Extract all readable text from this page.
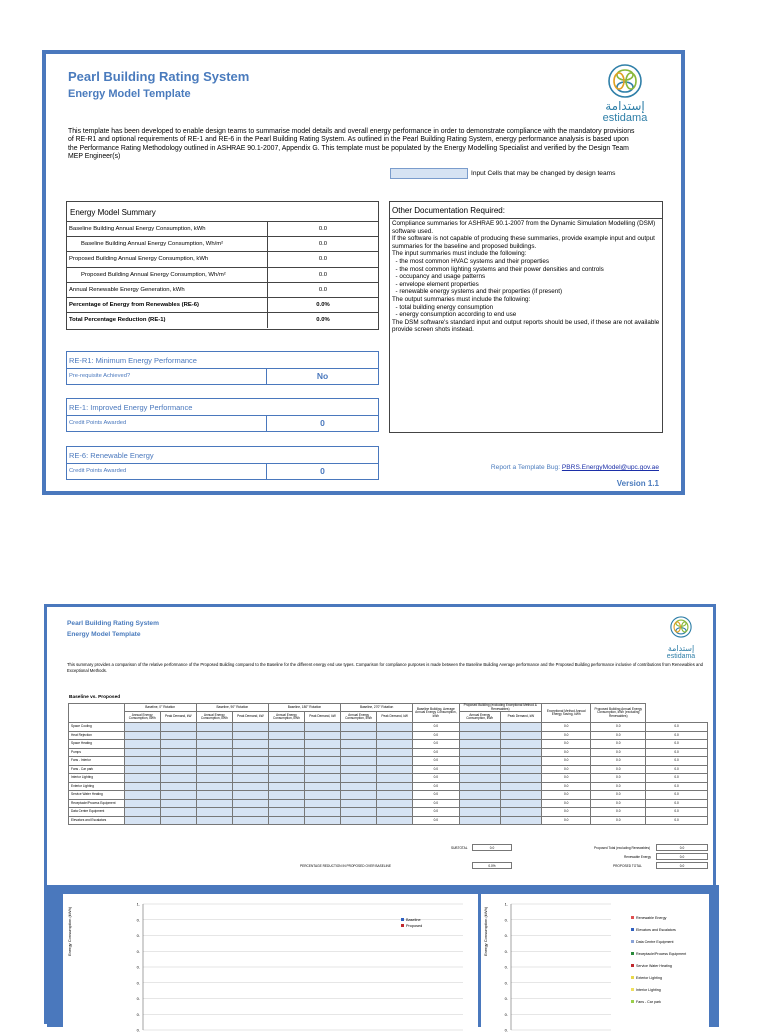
Pearl Building Rating System
Energy Model Template
إستدامة
estidama
This template has been developed to enable design teams to summarise model details and overall energy performance in order to demonstrate compliance with the mandatory provisions of RE-R1 and optional requirements of RE-1 and RE-6 in the Pearl Building Rating System. As outlined in the Pearl Building Rating System, energy performance analysis is based upon the Performance Rating Methodology outlined in ASHRAE 90.1-2007, Appendix G. This template must be populated by the Energy Modelling Specialist and verified by the Design Team MEP Engineer(s)
Input Cells that may be changed by design teams
Energy Model Summary
Baseline Building Annual Energy Consumption, kWh	0.0
Baseline Building Annual Energy Consumption, Wh/m²	0.0
Proposed Building Annual Energy Consumption, kWh	0.0
Proposed Building Annual Energy Consumption, Wh/m²	0.0
Annual Renewable Energy Generation, kWh	0.0
Percentage of Energy from Renewables (RE-6)	0.0%
Total Percentage Reduction (RE-1)	0.0%
RE-R1: Minimum Energy Performance
Pre-requisite Achieved?	No
RE-1: Improved Energy Performance
Credit Points Awarded	0
RE-6: Renewable Energy
Credit Points Awarded	0
Other Documentation Required:
Compliance summaries for ASHRAE 90.1-2007 from the Dynamic Simulation Modelling (DSM) software used.
If the software is not capable of producing these summaries, provide example input and output summaries for the baseline and proposed buildings.
The input summaries must include the following:
- the most common HVAC systems and their properties
- the most common lighting systems and their power densities and controls
- occupancy and usage patterns
- envelope element properties
- renewable energy systems and their properties (if present)
The output summaries must include the following:
- total building energy consumption
- energy consumption according to end use
The DSM software's standard input and output reports should be used, if these are not available provide screen shots instead.
Report a Template Bug: PBRS.EnergyModel@upc.gov.ae
Version 1.1
Pearl Building Rating System
Energy Model Template
إستدامة
estidama
This summary provides a comparison of the relative performance of the Proposed Building compared to the Baseline for the different energy end use types. Comparison for compliance purposes is made between the Baseline Building Average performance and the Proposed Building performance inclusive of contributions from Renewables and Exceptional Methods.
Baseline vs. Proposed
	Baseline, 0° Rotation		Baseline, 90° Rotation		Baseline, 180° Rotation		Baseline, 270° Rotation		Baseline Building, Average Annual Energy Consumption, kWh	Proposed Building (excluding Exceptional Method & Renewables)		Exceptional Method Annual Energy Saving, kWh	Proposed Building Annual Energy Consumption, kWh (excluding Renewables)	
	Annual Energy Consumption, kWh	Peak Demand, kW	Annual Energy Consumption, kWh	Peak Demand, kW	Annual Energy Consumption, kWh	Peak Demand, kW	Annual Energy Consumption, kWh	Peak Demand, kW		Annual Energy Consumption, kWh	Peak Demand, kW			
Space Cooling									0.0			0.0	0.0	0.0
Heat Rejection									0.0			0.0	0.0	0.0
Space Heating									0.0			0.0	0.0	0.0
Pumps									0.0			0.0	0.0	0.0
Fans - Interior									0.0			0.0	0.0	0.0
Fans - Car park									0.0			0.0	0.0	0.0
Interior Lighting									0.0			0.0	0.0	0.0
Exterior Lighting									0.0			0.0	0.0	0.0
Service Water Heating									0.0			0.0	0.0	0.0
Receptacle/Process Equipment									0.0			0.0	0.0	0.0
Data Centre Equipment									0.0			0.0	0.0	0.0
Elevators and Escalators									0.0			0.0	0.0	0.0
SUBTOTAL	0.0	Proposed Total (excluding Renewables)	0.0
Renewable Energy	0.0
PERCENTAGE REDUCTION IN PROPOSED OVER BASELINE	0.0%	PROPOSED TOTAL	0.0
Energy Consumption (kWh)
1.
0.
0.
0.
0.
0.
0.
0.
0.
Baseline
Proposed	Energy Consumption (kWh)
1.
0.
0.
0.
0.
0.
0.
0.
0.
Renewable Energy
Elevators and Escalators
Data Centre Equipment
Receptacle/Process Equipment
Service Water Heating
Exterior Lighting
Interior Lighting
Fans - Car park
